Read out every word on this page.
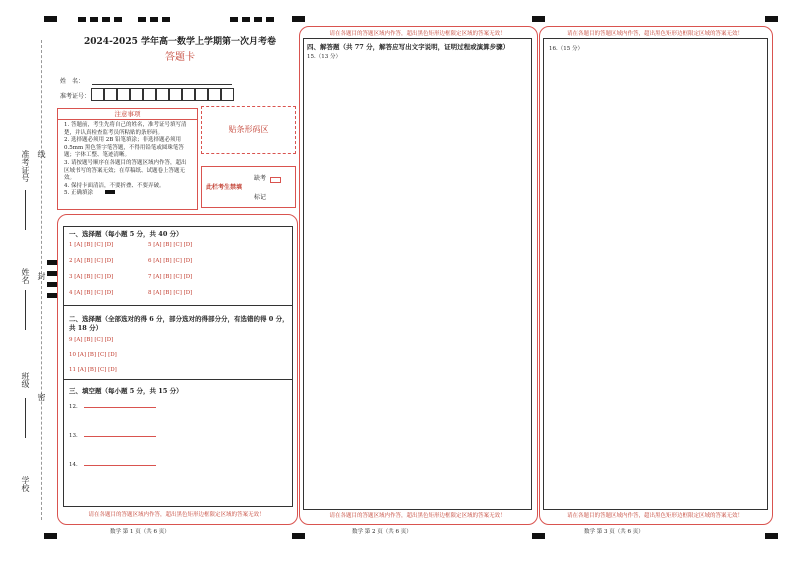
准考证号 线
姓名 封
班级
密
学校
2024-2025 学年高一数学上学期第一次月考卷
答题卡
姓　名：
准考证号：
注意事项
1. 答题前，考生先将自己的姓名，准考证号填写清楚，并认真检查监考员所粘贴的条形码。
2. 选择题必须用 2B 铅笔填涂；非选择题必须用 0.5mm 黑色签字笔答题，不得用铅笔或圆珠笔答题；字体工整、笔迹清晰。
3. 请按题号顺序在各题目的答题区域内作答，超出区域书写的答案无效；在草稿纸、试题卷上答题无效。
4. 保持卡面清洁，不要折叠、不要弄破。
5. 正确填涂
贴条形码区
此栏考生禁填
缺考
标记
一、选择题（每小题 5 分，共 40 分）
1 [A] [B] [C] [D]	5 [A] [B] [C] [D]
2 [A] [B] [C] [D]	6 [A] [B] [C] [D]
3 [A] [B] [C] [D]	7 [A] [B] [C] [D]
4 [A] [B] [C] [D]	8 [A] [B] [C] [D]
二、选择题（全部选对的得 6 分，部分选对的得部分分，有选错的得 0 分，共 18 分）
9 [A] [B] [C] [D]
10 [A] [B] [C] [D]
11 [A] [B] [C] [D]
三、填空题（每小题 5 分，共 15 分）
12.
13.
14.
请在各题目的答题区域内作答，超出黑色矩形边框限定区域的答案无效！
数学 第 1 页（共 6 页）
请在各题目的答题区域内作答，超出黑色矩形边框限定区域的答案无效！
四、解答题（共 77 分，解答应写出文字说明，证明过程或演算步骤）
15.（13 分）
请在各题目的答题区域内作答，超出黑色矩形边框限定区域的答案无效！
数学 第 2 页（共 6 页）
请在各题目的答题区域内作答，超出黑色矩形边框限定区域的答案无效！
16.（15 分）
请在各题目的答题区域内作答，超出黑色矩形边框限定区域的答案无效！
数学 第 3 页（共 6 页）
